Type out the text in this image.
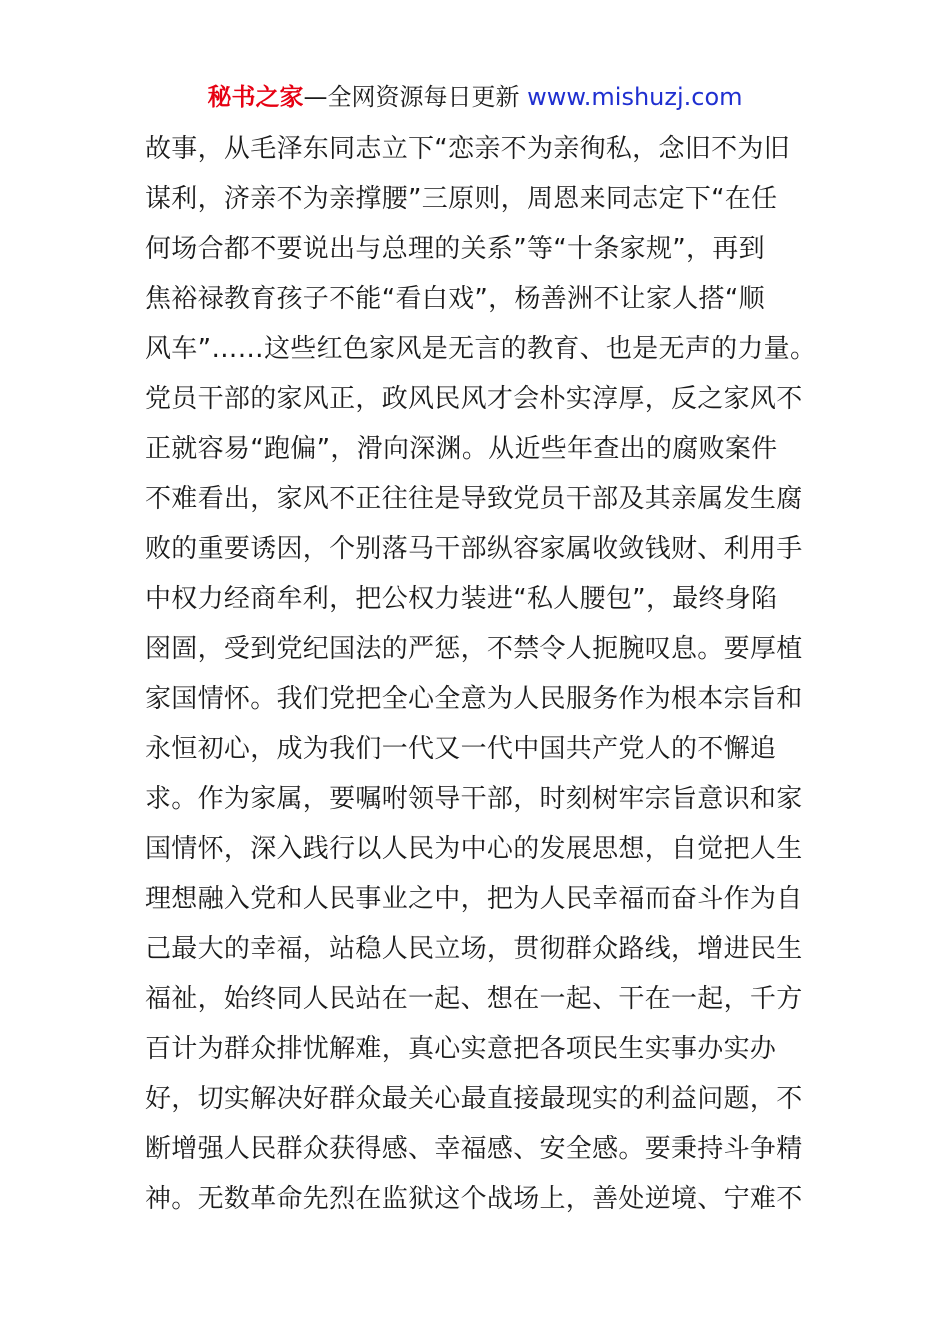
秘书之家—全网资源每日更新 www.mishuzj.com
故事，从毛泽东同志立下“恋亲不为亲徇私，念旧不为旧
谋利，济亲不为亲撑腰”三原则，周恩来同志定下“在任
何场合都不要说出与总理的关系”等“十条家规”，再到
焦裕禄教育孩子不能“看白戏”，杨善洲不让家人搭“顺
风车”……这些红色家风是无言的教育、也是无声的力量。
党员干部的家风正，政风民风才会朴实淳厚，反之家风不
正就容易“跑偏”，滑向深渊。从近些年查出的腐败案件
不难看出，家风不正往往是导致党员干部及其亲属发生腐
败的重要诱因，个别落马干部纵容家属收敛钱财、利用手
中权力经商牟利，把公权力装进“私人腰包”，最终身陷
囹圄，受到党纪国法的严惩，不禁令人扼腕叹息。要厚植
家国情怀。我们党把全心全意为人民服务作为根本宗旨和
永恒初心，成为我们一代又一代中国共产党人的不懈追
求。作为家属，要嘱咐领导干部，时刻树牢宗旨意识和家
国情怀，深入践行以人民为中心的发展思想，自觉把人生
理想融入党和人民事业之中，把为人民幸福而奋斗作为自
己最大的幸福，站稳人民立场，贯彻群众路线，增进民生
福祉，始终同人民站在一起、想在一起、干在一起，千方
百计为群众排忧解难，真心实意把各项民生实事办实办
好，切实解决好群众最关心最直接最现实的利益问题，不
断增强人民群众获得感、幸福感、安全感。要秉持斗争精
神。无数革命先烈在监狱这个战场上，善处逆境、宁难不
